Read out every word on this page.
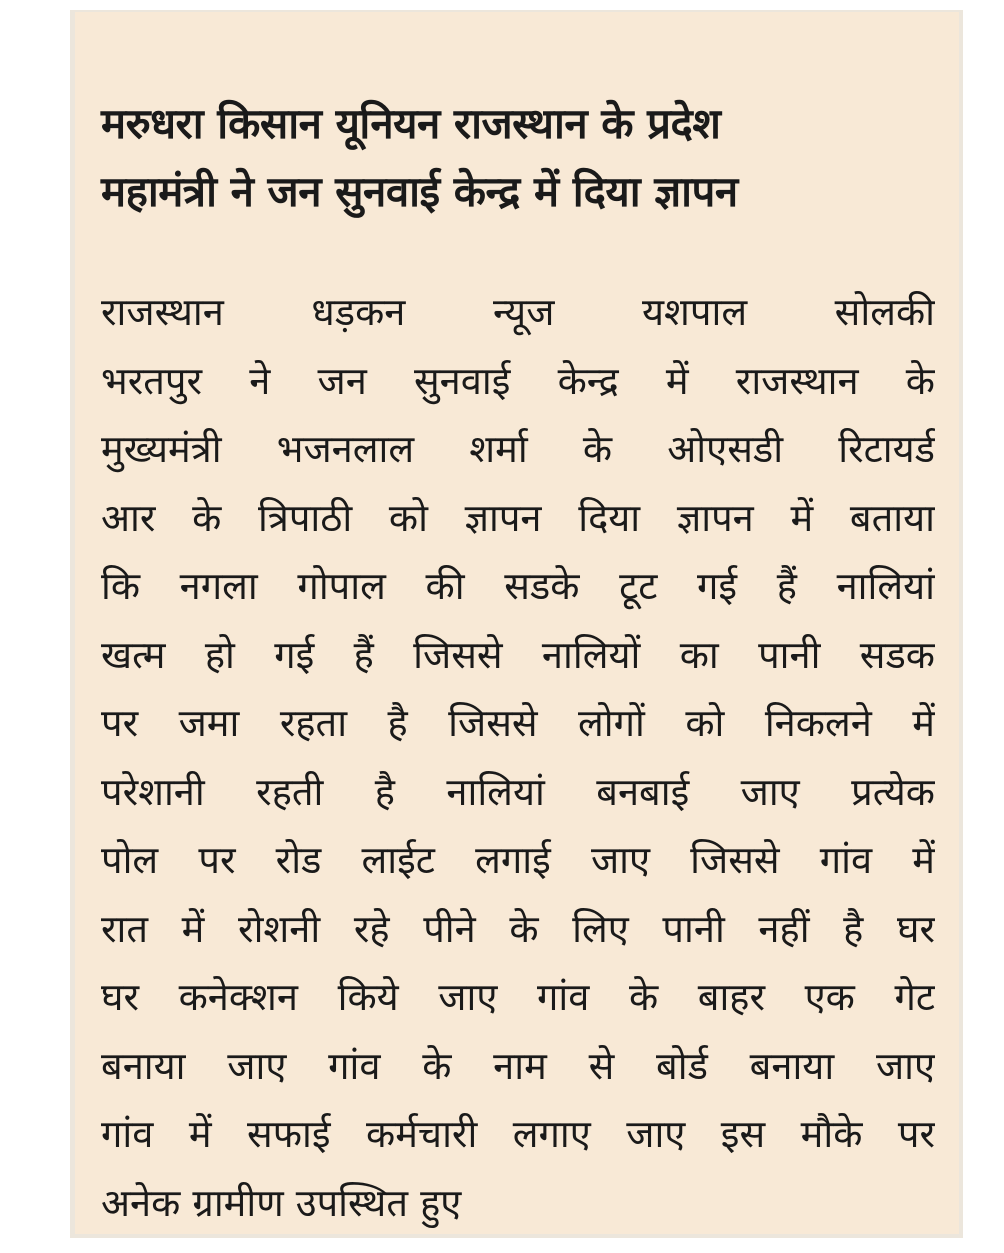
मरुधरा किसान यूनियन राजस्थान के प्रदेश
महामंत्री ने जन सुनवाई केन्द्र में दिया ज्ञापन
राजस्थान धड़कन न्यूज यशपाल सोलकी
भरतपुर ने जन सुनवाई केन्द्र में राजस्थान के
मुख्यमंत्री भजनलाल शर्मा के ओएसडी रिटायर्ड
आर के त्रिपाठी को ज्ञापन दिया ज्ञापन में बताया
कि नगला गोपाल की सडके टूट गई हैं नालियां
खत्म हो गई हैं जिससे नालियों का पानी सडक
पर जमा रहता है जिससे लोगों को निकलने में
परेशानी रहती है नालियां बनबाई जाए प्रत्येक
पोल पर रोड लाईट लगाई जाए जिससे गांव में
रात में रोशनी रहे पीने के लिए पानी नहीं है घर
घर कनेक्शन किये जाए गांव के बाहर एक गेट
बनाया जाए गांव के नाम से बोर्ड बनाया जाए
गांव में सफाई कर्मचारी लगाए जाए इस मौके पर
अनेक ग्रामीण उपस्थित हुए
